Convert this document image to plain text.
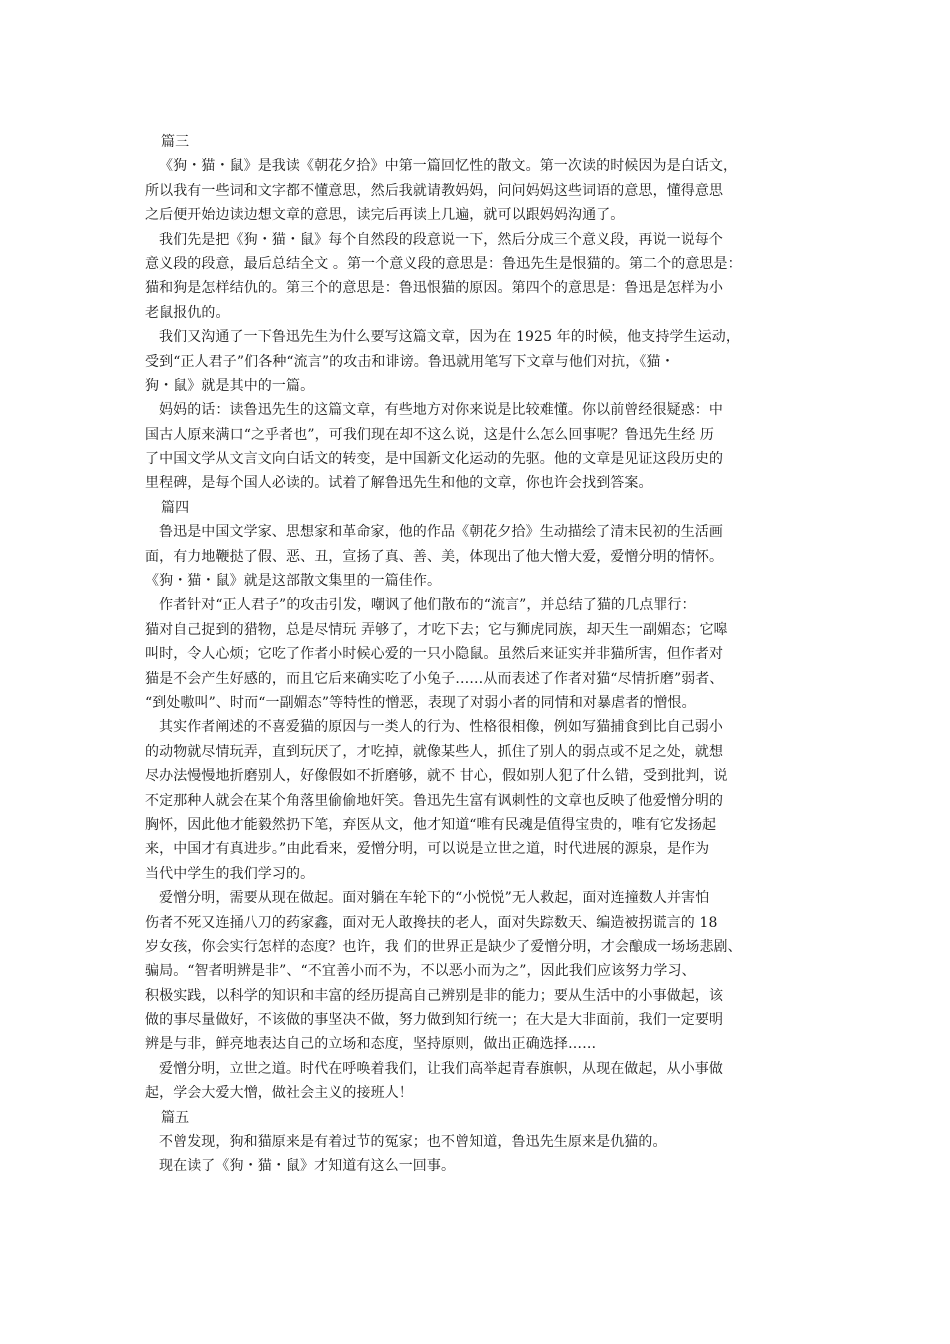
篇三
《狗・猫・鼠》是我读《朝花夕拾》中第一篇回忆性的散文。第一次读的时候因为是白话文，
所以我有一些词和文字都不懂意思，然后我就请教妈妈，问问妈妈这些词语的意思，懂得意思
之后便开始边读边想文章的意思，读完后再读上几遍，就可以跟妈妈沟通了。
我们先是把《狗・猫・鼠》每个自然段的段意说一下，然后分成三个意义段，再说一说每个
意义段的段意，最后总结全文 。第一个意义段的意思是：鲁迅先生是恨猫的。第二个的意思是：
猫和狗是怎样结仇的。第三个的意思是：鲁迅恨猫的原因。第四个的意思是：鲁迅是怎样为小
老鼠报仇的。
我们又沟通了一下鲁迅先生为什么要写这篇文章，因为在 1925 年的时候，他支持学生运动，
受到“正人君子”们各种“流言”的攻击和诽谤。鲁迅就用笔写下文章与他们对抗，《猫・
狗・鼠》就是其中的一篇。
妈妈的话：读鲁迅先生的这篇文章，有些地方对你来说是比较难懂。你以前曾经很疑惑：中
国古人原来满口“之乎者也”，可我们现在却不这么说，这是什么怎么回事呢？鲁迅先生经 历
了中国文学从文言文向白话文的转变，是中国新文化运动的先驱。他的文章是见证这段历史的
里程碑，是每个国人必读的。试着了解鲁迅先生和他的文章，你也许会找到答案。
篇四
鲁迅是中国文学家、思想家和革命家，他的作品《朝花夕拾》生动描绘了清末民初的生活画
面，有力地鞭挞了假、恶、丑，宣扬了真、善、美，体现出了他大憎大爱，爱憎分明的情怀。
《狗・猫・鼠》就是这部散文集里的一篇佳作。
作者针对“正人君子”的攻击引发，嘲讽了他们散布的“流言”，并总结了猫的几点罪行：
猫对自己捉到的猎物，总是尽情玩 弄够了，才吃下去；它与狮虎同族，却天生一副媚态；它嗥
叫时，令人心烦；它吃了作者小时候心爱的一只小隐鼠。虽然后来证实并非猫所害，但作者对
猫是不会产生好感的，而且它后来确实吃了小兔子……从而表述了作者对猫“尽情折磨”弱者、
“到处嗷叫”、时而“一副媚态”等特性的憎恶，表现了对弱小者的同情和对暴虐者的憎恨。
其实作者阐述的不喜爱猫的原因与一类人的行为、性格很相像，例如写猫捕食到比自己弱小
的动物就尽情玩弄，直到玩厌了，才吃掉，就像某些人，抓住了别人的弱点或不足之处，就想
尽办法慢慢地折磨别人，好像假如不折磨够，就不 甘心，假如别人犯了什么错，受到批判，说
不定那种人就会在某个角落里偷偷地奸笑。鲁迅先生富有讽刺性的文章也反映了他爱憎分明的
胸怀，因此他才能毅然扔下笔，弃医从文，他才知道“唯有民魂是值得宝贵的，唯有它发扬起
来，中国才有真进步。”由此看来，爱憎分明，可以说是立世之道，时代进展的源泉，是作为
当代中学生的我们学习的。
爱憎分明，需要从现在做起。面对躺在车轮下的“小悦悦”无人救起，面对连撞数人并害怕
伤者不死又连捅八刀的药家鑫，面对无人敢搀扶的老人，面对失踪数天、编造被拐谎言的 18
岁女孩，你会实行怎样的态度？也许，我 们的世界正是缺少了爱憎分明，才会酿成一场场悲剧、
骗局。“智者明辨是非”、“不宜善小而不为，不以恶小而为之”，因此我们应该努力学习、
积极实践，以科学的知识和丰富的经历提高自己辨别是非的能力；要从生活中的小事做起，该
做的事尽量做好，不该做的事坚决不做，努力做到知行统一；在大是大非面前，我们一定要明
辨是与非，鲜亮地表达自己的立场和态度，坚持原则，做出正确选择……
爱憎分明，立世之道。时代在呼唤着我们，让我们高举起青春旗帜，从现在做起，从小事做
起，学会大爱大憎，做社会主义的接班人！
篇五
不曾发现，狗和猫原来是有着过节的冤家；也不曾知道，鲁迅先生原来是仇猫的。
现在读了《狗・猫・鼠》才知道有这么一回事。
